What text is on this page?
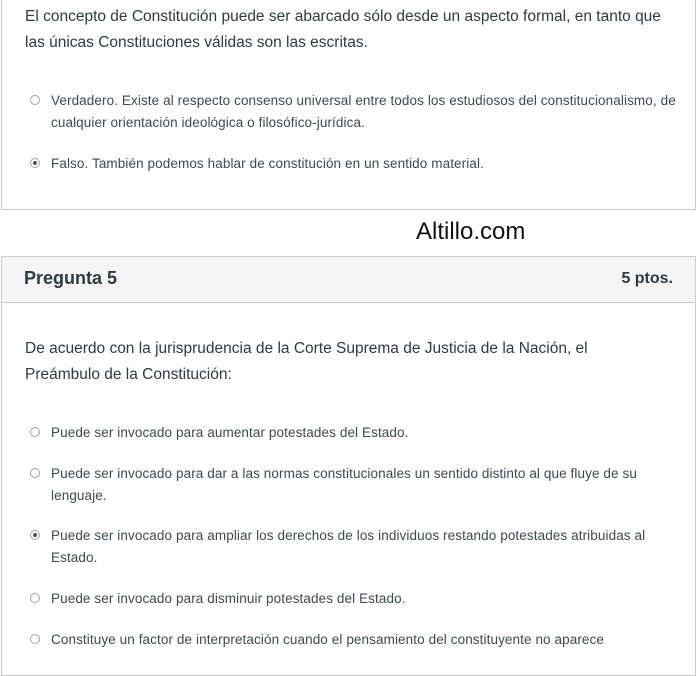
El concepto de Constitución puede ser abarcado sólo desde un aspecto formal, en tanto que las únicas Constituciones válidas son las escritas.

Verdadero. Existe al respecto consenso universal entre todos los estudiosos del constitucionalismo, de cualquier orientación ideológica o filosófico-jurídica.
Falso. También podemos hablar de constitución en un sentido material.
Altillo.com
Pregunta 5	5 ptos.

De acuerdo con la jurisprudencia de la Corte Suprema de Justicia de la Nación, el Preámbulo de la Constitución:

Puede ser invocado para aumentar potestades del Estado.
Puede ser invocado para dar a las normas constitucionales un sentido distinto al que fluye de su lenguaje.
Puede ser invocado para ampliar los derechos de los individuos restando potestades atribuidas al Estado.
Puede ser invocado para disminuir potestades del Estado.
Constituye un factor de interpretación cuando el pensamiento del constituyente no aparece
